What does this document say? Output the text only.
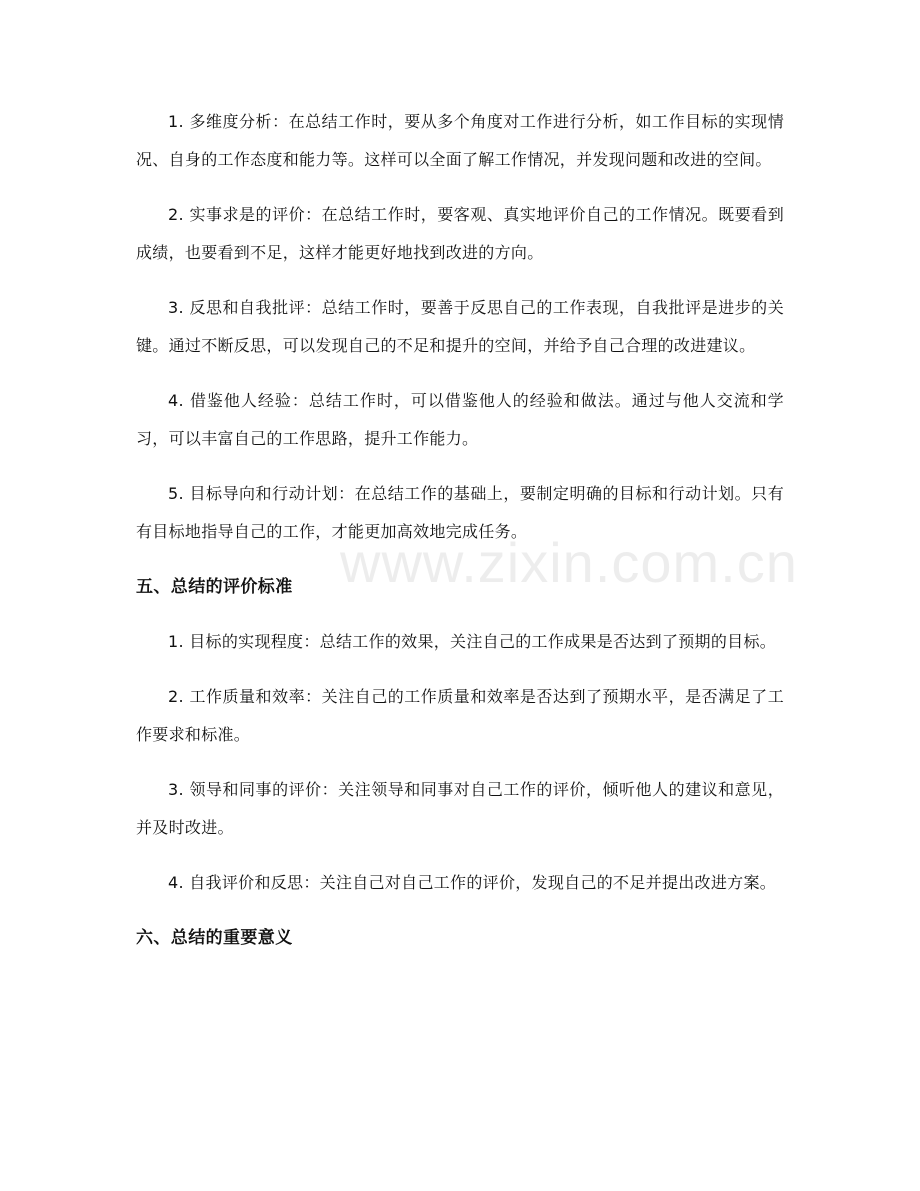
www.zixin.com.cn

1. 多维度分析：在总结工作时，要从多个角度对工作进行分析，如工作目标的实现情况、自身的工作态度和能力等。这样可以全面了解工作情况，并发现问题和改进的空间。

2. 实事求是的评价：在总结工作时，要客观、真实地评价自己的工作情况。既要看到成绩，也要看到不足，这样才能更好地找到改进的方向。

3. 反思和自我批评：总结工作时，要善于反思自己的工作表现，自我批评是进步的关键。通过不断反思，可以发现自己的不足和提升的空间，并给予自己合理的改进建议。

4. 借鉴他人经验：总结工作时，可以借鉴他人的经验和做法。通过与他人交流和学习，可以丰富自己的工作思路，提升工作能力。

5. 目标导向和行动计划：在总结工作的基础上，要制定明确的目标和行动计划。只有有目标地指导自己的工作，才能更加高效地完成任务。

五、总结的评价标准

1. 目标的实现程度：总结工作的效果，关注自己的工作成果是否达到了预期的目标。

2. 工作质量和效率：关注自己的工作质量和效率是否达到了预期水平，是否满足了工作要求和标准。

3. 领导和同事的评价：关注领导和同事对自己工作的评价，倾听他人的建议和意见，并及时改进。

4. 自我评价和反思：关注自己对自己工作的评价，发现自己的不足并提出改进方案。

六、总结的重要意义
